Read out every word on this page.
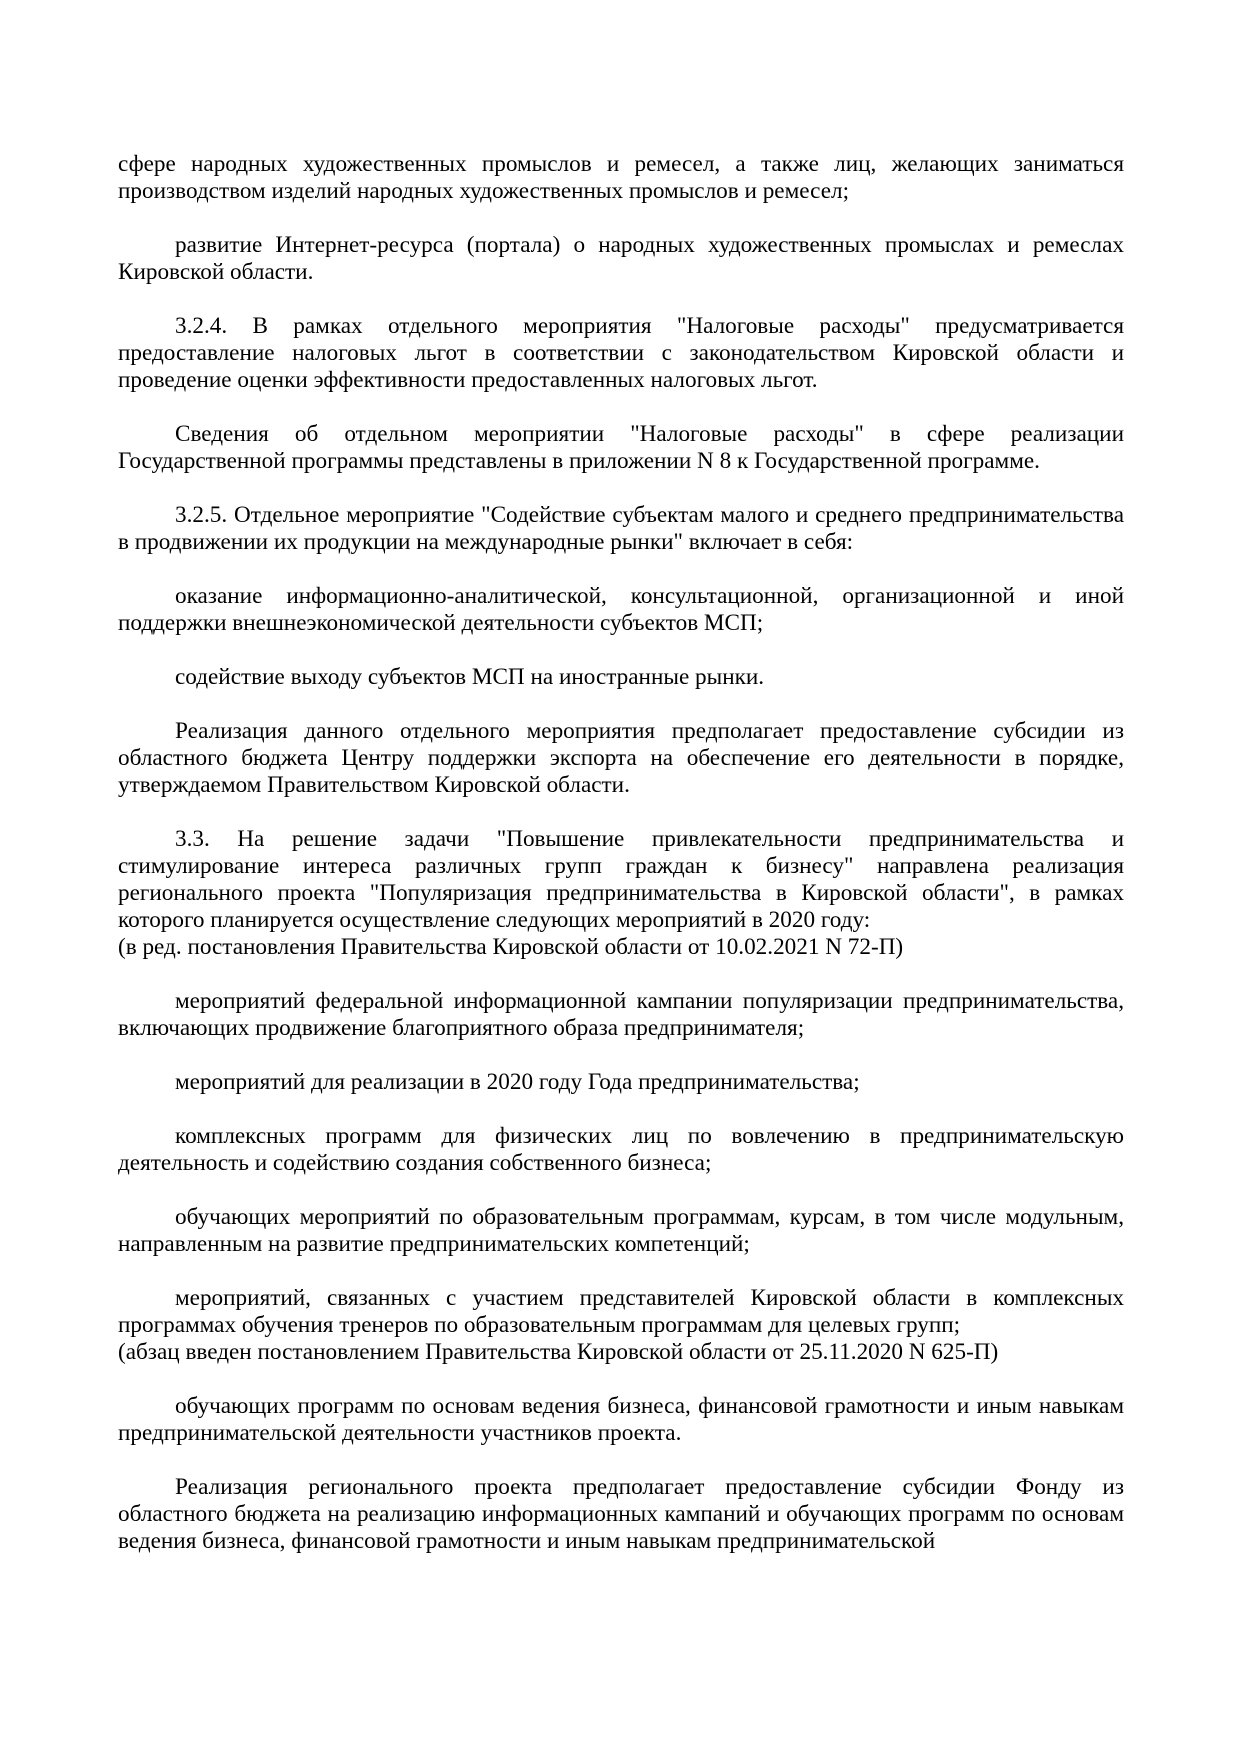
сфере народных художественных промыслов и ремесел, а также лиц, желающих заниматься производством изделий народных художественных промыслов и ремесел;

развитие Интернет-ресурса (портала) о народных художественных промыслах и ремеслах Кировской области.

3.2.4. В рамках отдельного мероприятия "Налоговые расходы" предусматривается предоставление налоговых льгот в соответствии с законодательством Кировской области и проведение оценки эффективности предоставленных налоговых льгот.

Сведения об отдельном мероприятии "Налоговые расходы" в сфере реализации Государственной программы представлены в приложении N 8 к Государственной программе.

3.2.5. Отдельное мероприятие "Содействие субъектам малого и среднего предпринимательства в продвижении их продукции на международные рынки" включает в себя:

оказание информационно-аналитической, консультационной, организационной и иной поддержки внешнеэкономической деятельности субъектов МСП;

содействие выходу субъектов МСП на иностранные рынки.

Реализация данного отдельного мероприятия предполагает предоставление субсидии из областного бюджета Центру поддержки экспорта на обеспечение его деятельности в порядке, утверждаемом Правительством Кировской области.

3.3. На решение задачи "Повышение привлекательности предпринимательства и стимулирование интереса различных групп граждан к бизнесу" направлена реализация регионального проекта "Популяризация предпринимательства в Кировской области", в рамках которого планируется осуществление следующих мероприятий в 2020 году:

(в ред. постановления Правительства Кировской области от 10.02.2021 N 72-П)

мероприятий федеральной информационной кампании популяризации предпринимательства, включающих продвижение благоприятного образа предпринимателя;

мероприятий для реализации в 2020 году Года предпринимательства;

комплексных программ для физических лиц по вовлечению в предпринимательскую деятельность и содействию создания собственного бизнеса;

обучающих мероприятий по образовательным программам, курсам, в том числе модульным, направленным на развитие предпринимательских компетенций;

мероприятий, связанных с участием представителей Кировской области в комплексных программах обучения тренеров по образовательным программам для целевых групп;

(абзац введен постановлением Правительства Кировской области от 25.11.2020 N 625-П)

обучающих программ по основам ведения бизнеса, финансовой грамотности и иным навыкам предпринимательской деятельности участников проекта.

Реализация регионального проекта предполагает предоставление субсидии Фонду из областного бюджета на реализацию информационных кампаний и обучающих программ по основам ведения бизнеса, финансовой грамотности и иным навыкам предпринимательской
